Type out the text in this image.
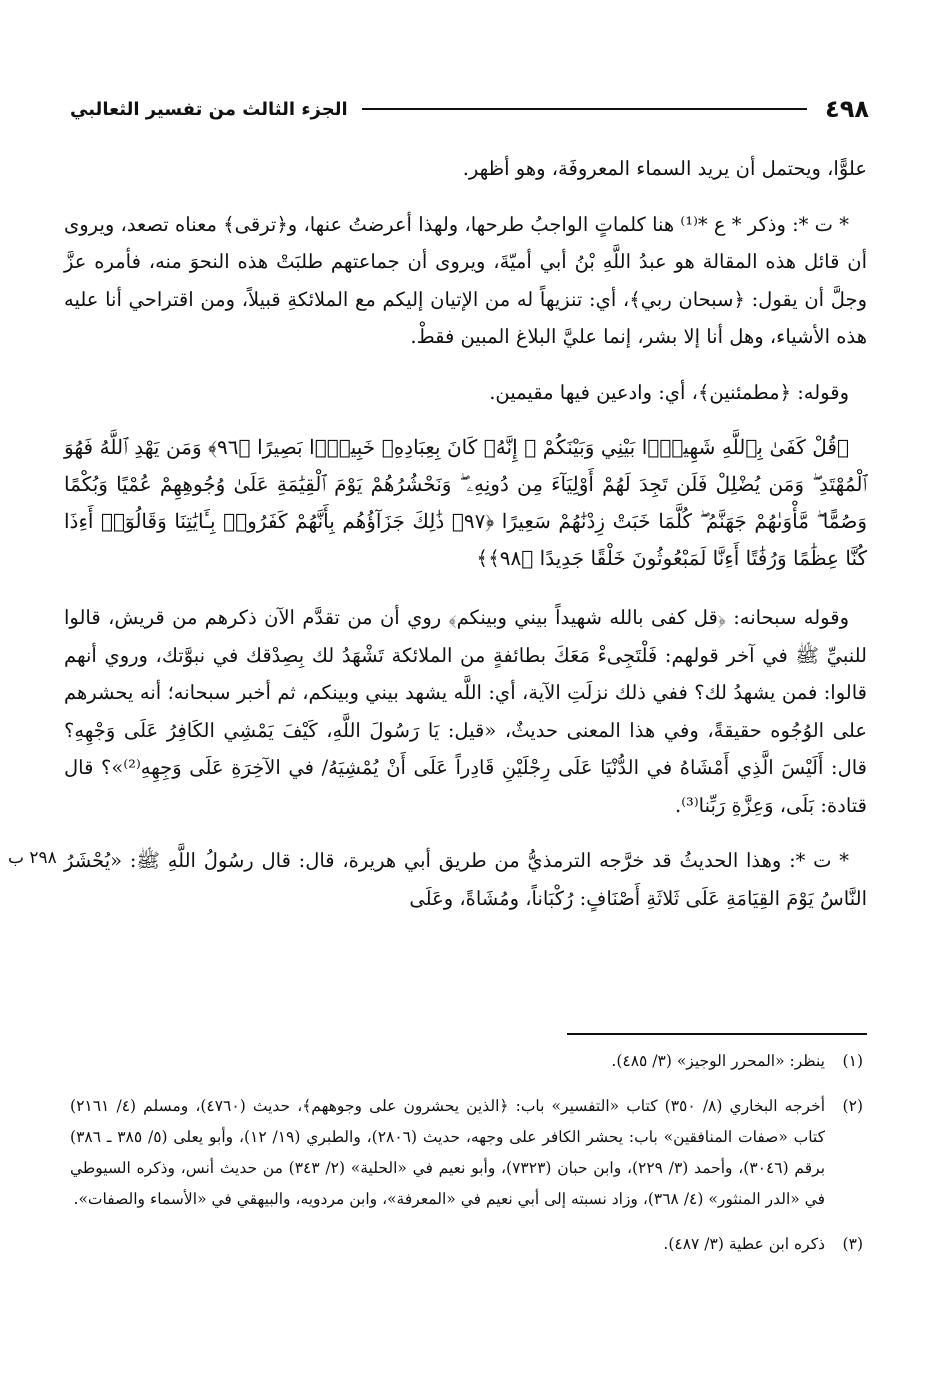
٤٩٨
الجزء الثالث من تفسير الثعالبي

علوًّا، ويحتمل أن يريد السماء المعروفَة، وهو أظهر.

* ت *: وذكر * ع *⁽¹⁾ هنا كلماتٍ الواجبُ طرحها، ولهذا أعرضتُ عنها، و﴿ترقى﴾ معناه تصعد، ويروى أن قائل هذه المقالة هو عبدُ اللَّهِ بْنُ أبي أميّةَ، ويروى أن جماعتهم طلبَتْ هذه النحوَ منه، فأمره عزَّ وجلَّ أن يقول: ﴿سبحان ربي﴾، أي: تنزيهاً له من الإتيان إليكم مع الملائكةِ قبيلاً، ومن اقتراحي أنا عليه هذه الأشياء، وهل أنا إلا بشر، إنما عليَّ البلاغ المبين فقطْ.

وقوله: ﴿مطمئنين﴾، أي: وادعين فيها مقيمين.

﴿قُلْ كَفَىٰ بِٱللَّهِ شَهِيدًۢا بَيْنِي وَبَيْنَكُمْ ۚ إِنَّهُۥ كَانَ بِعِبَادِهِۦ خَبِيرًۢا بَصِيرًا ﴿٩٦﴾ وَمَن يَهْدِ ٱللَّهُ فَهُوَ ٱلْمُهْتَدِ ۖ وَمَن يُضْلِلْ فَلَن تَجِدَ لَهُمْ أَوْلِيَآءَ مِن دُونِهِۦ ۖ وَنَحْشُرُهُمْ يَوْمَ ٱلْقِيَٰمَةِ عَلَىٰ وُجُوهِهِمْ عُمْيًا وَبُكْمًا وَصُمًّا ۖ مَّأْوَىٰهُمْ جَهَنَّمُ ۖ كُلَّمَا خَبَتْ زِدْنَٰهُمْ سَعِيرًا ﴿٩٧﴾ ذَٰلِكَ جَزَآؤُهُم بِأَنَّهُمْ كَفَرُوا۟ بِـَٔايَٰتِنَا وَقَالُوٓا۟ أَءِذَا كُنَّا عِظَٰمًا وَرُفَٰتًا أَءِنَّا لَمَبْعُوثُونَ خَلْقًا جَدِيدًا ﴿٩٨﴾﴾

وقوله سبحانه: ﴿قل كفى بالله شهيداً بيني وبينكم﴾ روي أن من تقدَّم الآن ذكرهم من قريش، قالوا للنبيِّ ﷺ في آخر قولهم: فَلْتَجِىءْ مَعَكَ بطائفةٍ من الملائكة تَشْهَدُ لك بِصِدْقك في نبوَّتك، وروي أنهم قالوا: فمن يشهدُ لك؟ ففي ذلك نزلَتِ الآية، أي: اللَّه يشهد بيني وبينكم، ثم أخبر سبحانه؛ أنه يحشرهم على الوُجُوه حقيقةً، وفي هذا المعنى حديثٌ، «قيل: يَا رَسُولَ اللَّهِ، كَيْفَ يَمْشِي الكَافِرُ عَلَى وَجْهِهِ؟ قال: أَلَيْسَ الَّذِي أَمْشَاهُ في الدُّنْيَا عَلَى رِجْلَيْنِ قَادِراً عَلَى أَنْ يُمْشِيَهُ/ في الآخِرَةِ عَلَى وَجِهِهِ⁽²⁾»؟ قال قتادة: بَلَى، وَعِزَّةِ رَبِّنا⁽³⁾.

* ت *: وهذا الحديثُ قد خرَّجه الترمذيُّ من طريق أبي هريرة، قال: قال رسُولُ اللَّهِ ﷺ: «يُحْشَرُ النَّاسُ يَوْمَ القِيَامَةِ عَلَى ثَلاثَةِ أَصْنَافٍ: رُكْبَاناً، ومُشَاةً، وعَلَى

٢٩٨ ب
(١)
ينظر: «المحرر الوجيز» (٣/ ٤٨٥).
(٢)
أخرجه البخاري (٨/ ٣٥٠) كتاب «التفسير» باب: ﴿الذين يحشرون على وجوههم﴾، حديث (٤٧٦٠)، ومسلم (٤/ ٢١٦١) كتاب «صفات المنافقين» باب: يحشر الكافر على وجهه، حديث (٢٨٠٦)، والطبري (١٩/ ١٢)، وأبو يعلى (٥/ ٣٨٥ ـ ٣٨٦) برقم (٣٠٤٦)، وأحمد (٣/ ٢٢٩)، وابن حبان (٧٣٢٣)، وأبو نعيم في «الحلية» (٢/ ٣٤٣) من حديث أنس، وذكره السيوطي في «الدر المنثور» (٤/ ٣٦٨)، وزاد نسبته إلى أبي نعيم في «المعرفة»، وابن مردويه، والبيهقي في «الأسماء والصفات».
(٣)
ذكره ابن عطية (٣/ ٤٨٧).
